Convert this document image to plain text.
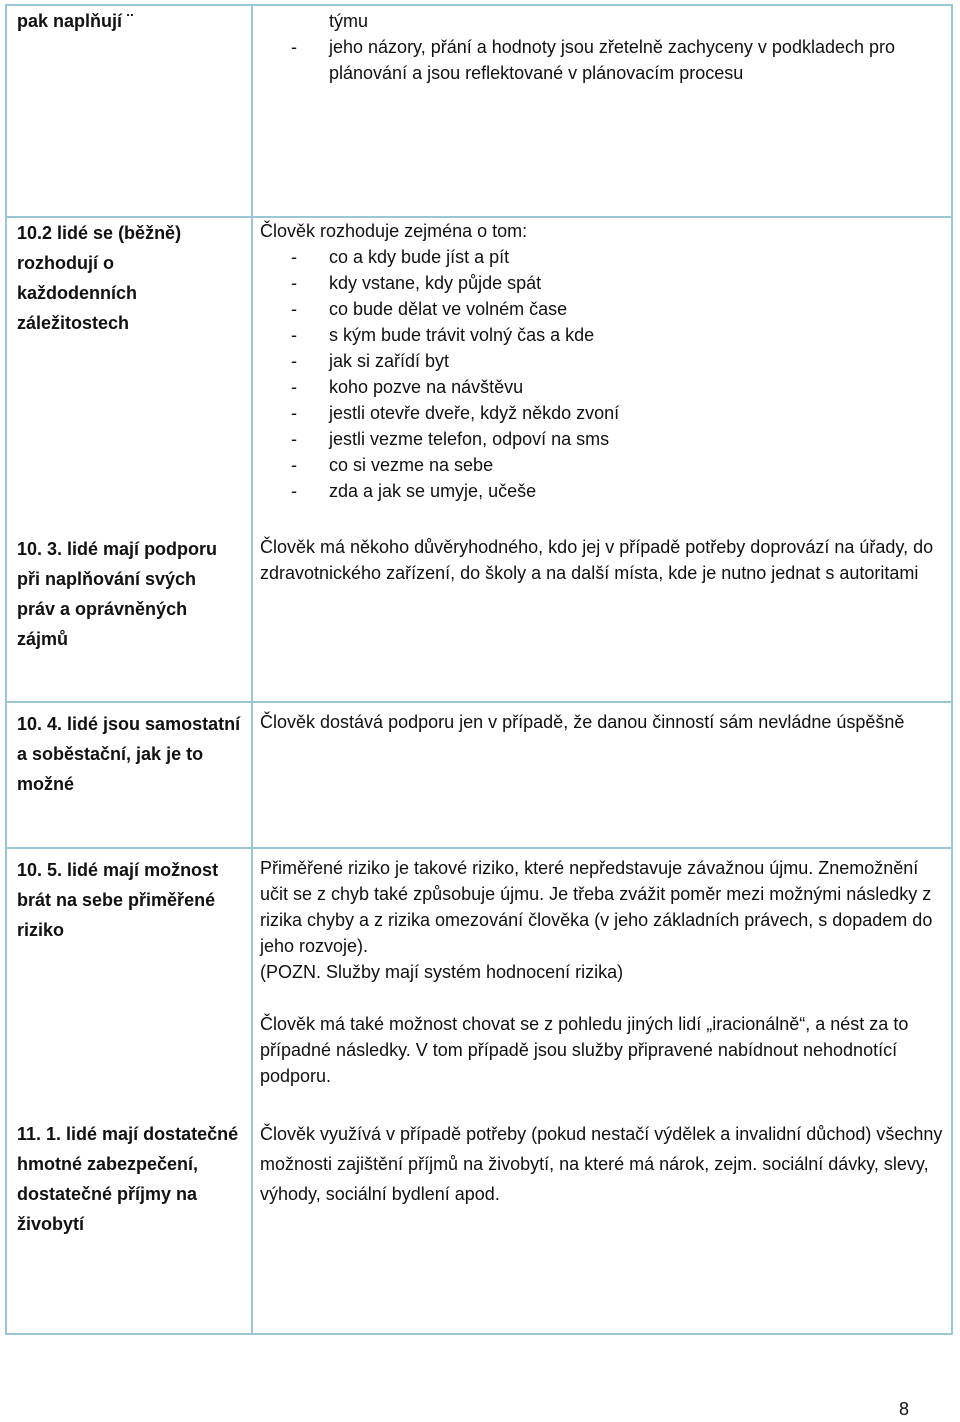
pak naplňují ¨	týmu
- jeho názory, přání a hodnoty jsou zřetelně zachyceny v podkladech pro plánování a jsou reflektované v plánovacím procesu
10.2 lidé se (běžně) rozhodují o každodenních záležitostech

Člověk rozhoduje zejména o tom:

- co a kdy bude jíst a pít
- kdy vstane, kdy půjde spát
- co bude dělat ve volném čase
- s kým bude trávit volný čas a kde
- jak si zařídí byt
- koho pozve na návštěvu
- jestli otevře dveře, když někdo zvoní
- jestli vezme telefon, odpoví na sms
- co si vezme na sebe
- zda a jak se umyje, učeše
10. 3. lidé mají podporu při naplňování svých práv a oprávněných zájmů
Člověk má někoho důvěryhodného, kdo jej v případě potřeby doprovází na úřady, do zdravotnického zařízení, do školy a na další místa, kde je nutno jednat s autoritami
10. 4. lidé jsou samostatní a soběstační, jak je to možné
Člověk dostává podporu jen v případě, že danou činností sám nevládne úspěšně
10. 5. lidé mají možnost brát na sebe přiměřené riziko

Přiměřené riziko je takové riziko, které nepředstavuje závažnou újmu. Znemožnění učit se z chyb také způsobuje újmu. Je třeba zvážit poměr mezi možnými následky z rizika chyby a z rizika omezování člověka (v jeho základních právech, s dopadem do jeho rozvoje).

(POZN. Služby mají systém hodnocení rizika)

Člověk má také možnost chovat se z pohledu jiných lidí „iracionálně“, a nést za to případné následky. V tom případě jsou služby připravené nabídnout nehodnotící podporu.

11. 1. lidé mají dostatečné hmotné zabezpečení, dostatečné příjmy na živobytí
Člověk využívá v případě potřeby (pokud nestačí výdělek a invalidní důchod) všechny možnosti zajištění příjmů na živobytí, na které má nárok, zejm. sociální dávky, slevy, výhody, sociální bydlení apod.
8
